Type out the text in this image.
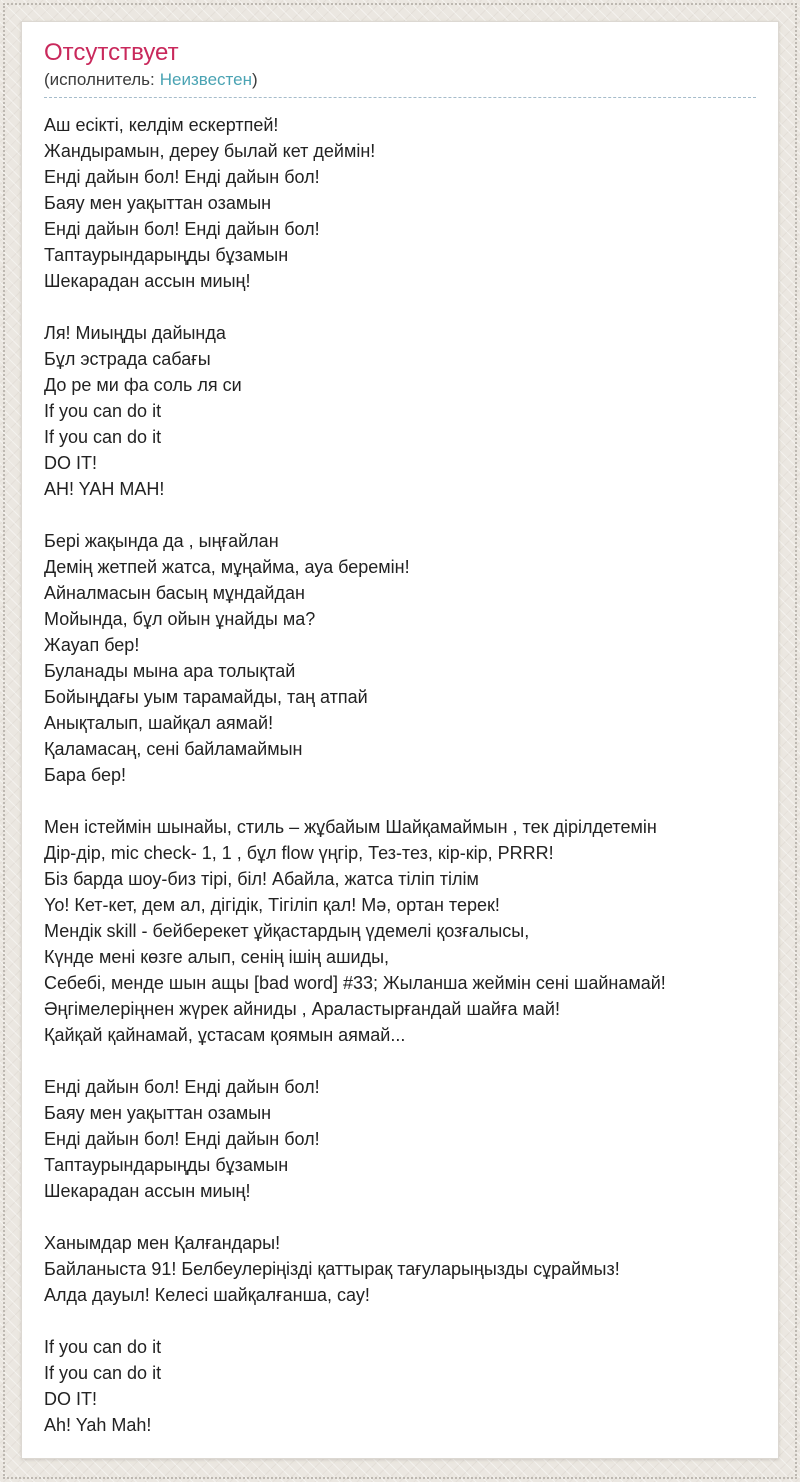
Отсутствует
(исполнитель: Неизвестен)
Аш есікті, келдім ескертпей!
Жандырамын, дереу былай кет деймін!
Енді дайын бол! Енді дайын бол!
Баяу мен уақыттан озамын
Енді дайын бол! Енді дайын бол!
Таптаурындарыңды бұзамын
Шекарадан ассын миың!
Ля! Миыңды дайында
Бұл эстрада сабағы
До ре ми фа соль ля си
If you can do it
If you can do it
DO IT!
AH! YAH MAH!
Бері жақында да , ыңғайлан
Демің жетпей жатса, мұңайма, ауа беремін!
Айналмасын басың мұндайдан
Мойында, бұл ойын ұнайды ма?
Жауап бер!
Буланады мына ара толықтай
Бойыңдағы уым тарамайды, таң атпай
Анықталып, шайқал аямай!
Қаламасаң, сені байламаймын
Бара бер!
Мен істеймін шынайы, стиль – жұбайым Шайқамаймын , тек дірілдетемін
Дір-дір, mic check- 1, 1 , бұл flow үңгір, Тез-тез, кір-кір, PRRR!
Біз барда шоу-биз тірі, біл! Абайла, жатса тіліп тілім
Yo! Кет-кет, дем ал, дігідік, Тігіліп қал! Мә, ортан терек!
Мендік skill - бейберекет ұйқастардың үдемелі қозғалысы,
Күнде мені көзге алып, сенің ішің ашиды,
Себебі, менде шын ащы [bad word] #33; Жыланша жеймін сені шайнамай!
Әңгімелеріңнен жүрек айниды , Араластырғандай шайға май!
Қайқай қайнамай, ұстасам қоямын аямай...
Енді дайын бол! Енді дайын бол!
Баяу мен уақыттан озамын
Енді дайын бол! Енді дайын бол!
Таптаурындарыңды бұзамын
Шекарадан ассын миың!
Ханымдар мен Қалғандары!
Байланыста 91! Белбеулеріңізді қаттырақ тағуларыңызды сұраймыз!
Алда дауыл! Келесі шайқалғанша, сау!
If you can do it
If you can do it
DO IT!
Ah! Yah Mah!
